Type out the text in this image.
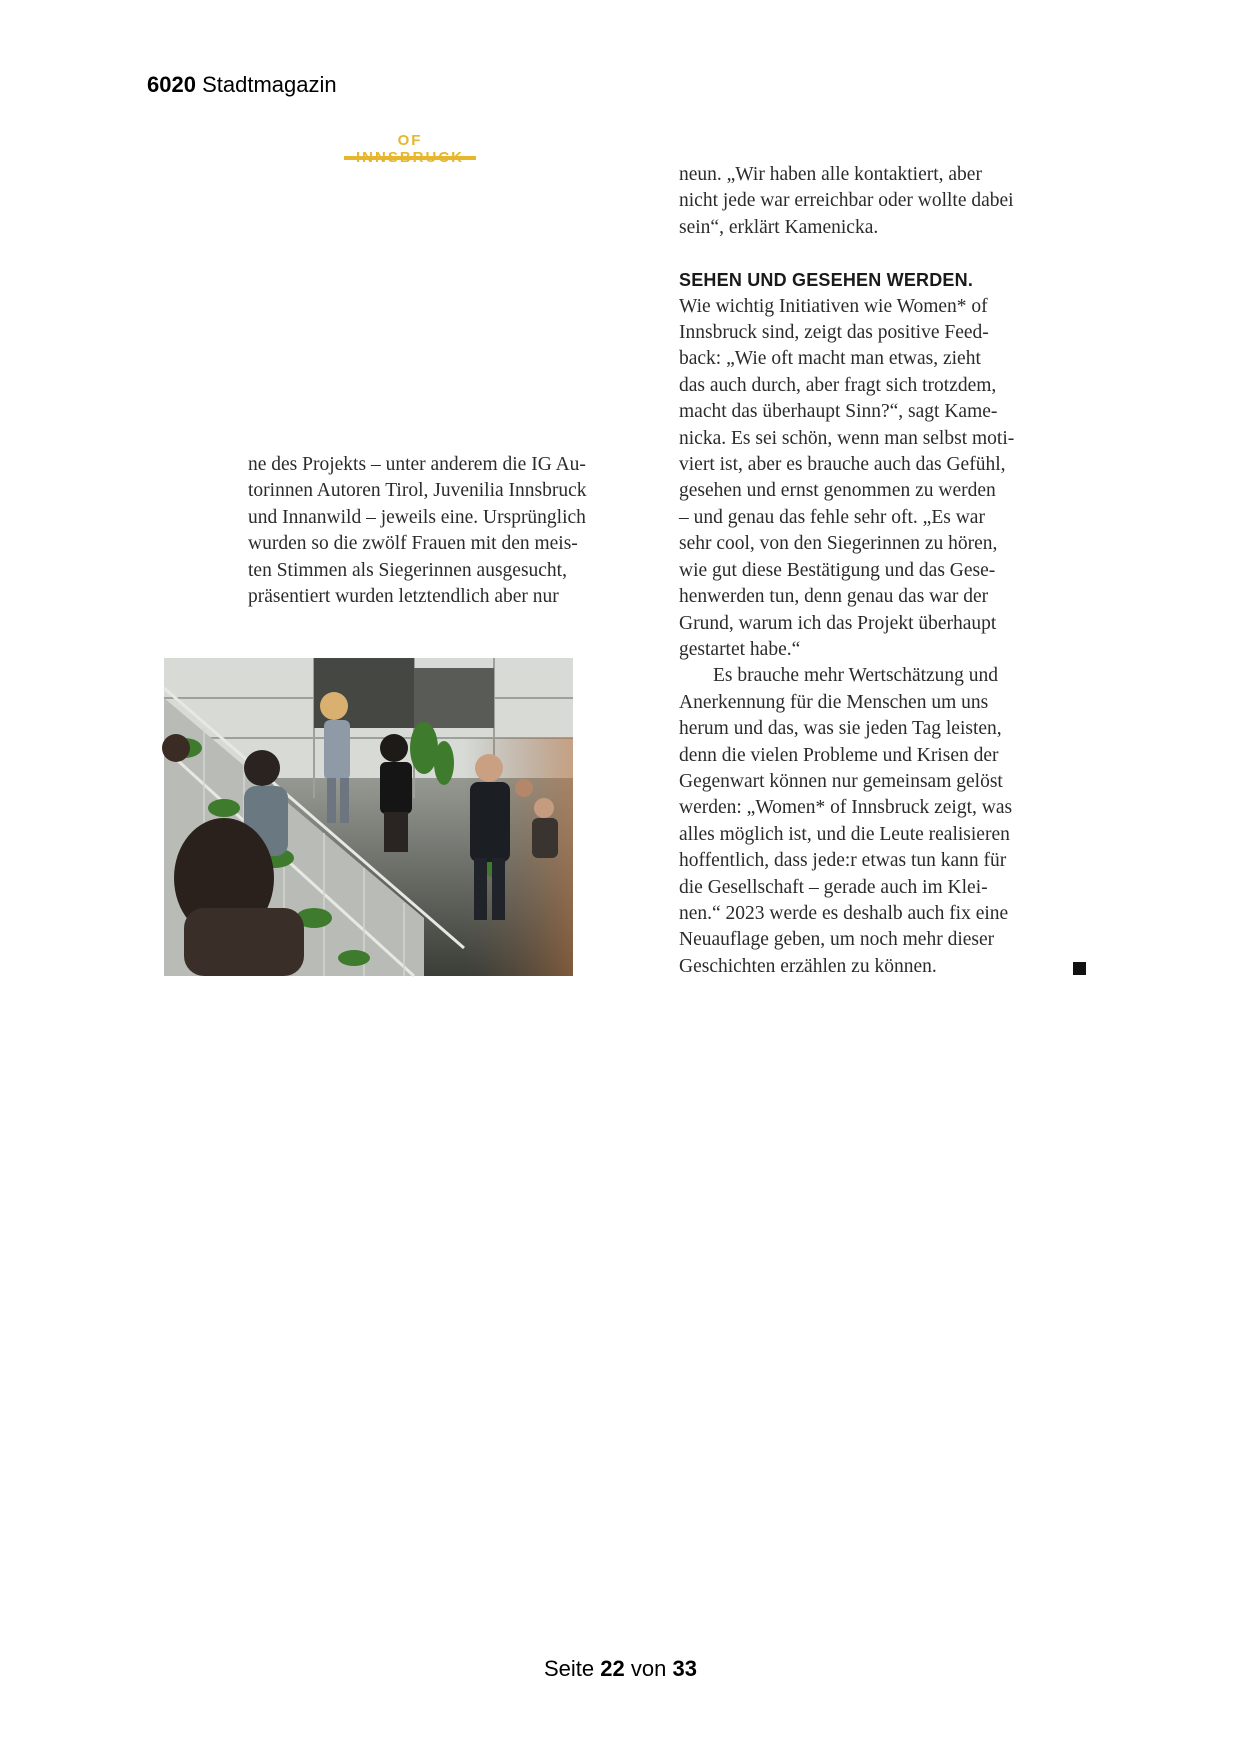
6020 Stadtmagazin
OF
ne des Projekts – unter anderem die IG Au-
torinnen Autoren Tirol, Juvenilia Innsbruck
und Innanwild – jeweils eine. Ursprünglich
wurden so die zwölf Frauen mit den meis-
ten Stimmen als Siegerinnen ausgesucht,
präsentiert wurden letztendlich aber nur
neun. „Wir haben alle kontaktiert, aber
nicht jede war erreichbar oder wollte dabei
sein“, erklärt Kamenicka.
SEHEN UND GESEHEN WERDEN.
Wie wichtig Initiativen wie Women* of
Innsbruck sind, zeigt das positive Feed-
back: „Wie oft macht man etwas, zieht
das auch durch, aber fragt sich trotzdem,
macht das überhaupt Sinn?“, sagt Kame-
nicka. Es sei schön, wenn man selbst moti-
viert ist, aber es brauche auch das Gefühl,
gesehen und ernst genommen zu werden
– und genau das fehle sehr oft. „Es war
sehr cool, von den Siegerinnen zu hören,
wie gut diese Bestätigung und das Gese-
henwerden tun, denn genau das war der
Grund, warum ich das Projekt überhaupt
gestartet habe.“
Es brauche mehr Wertschätzung und
Anerkennung für die Menschen um uns
herum und das, was sie jeden Tag leisten,
denn die vielen Probleme und Krisen der
Gegenwart können nur gemeinsam gelöst
werden: „Women* of Innsbruck zeigt, was
alles möglich ist, und die Leute realisieren
hoffentlich, dass jede:r etwas tun kann für
die Gesellschaft – gerade auch im Klei-
nen.“ 2023 werde es deshalb auch fix eine
Neuauflage geben, um noch mehr dieser
Geschichten erzählen zu können.
Seite 22 von 33
